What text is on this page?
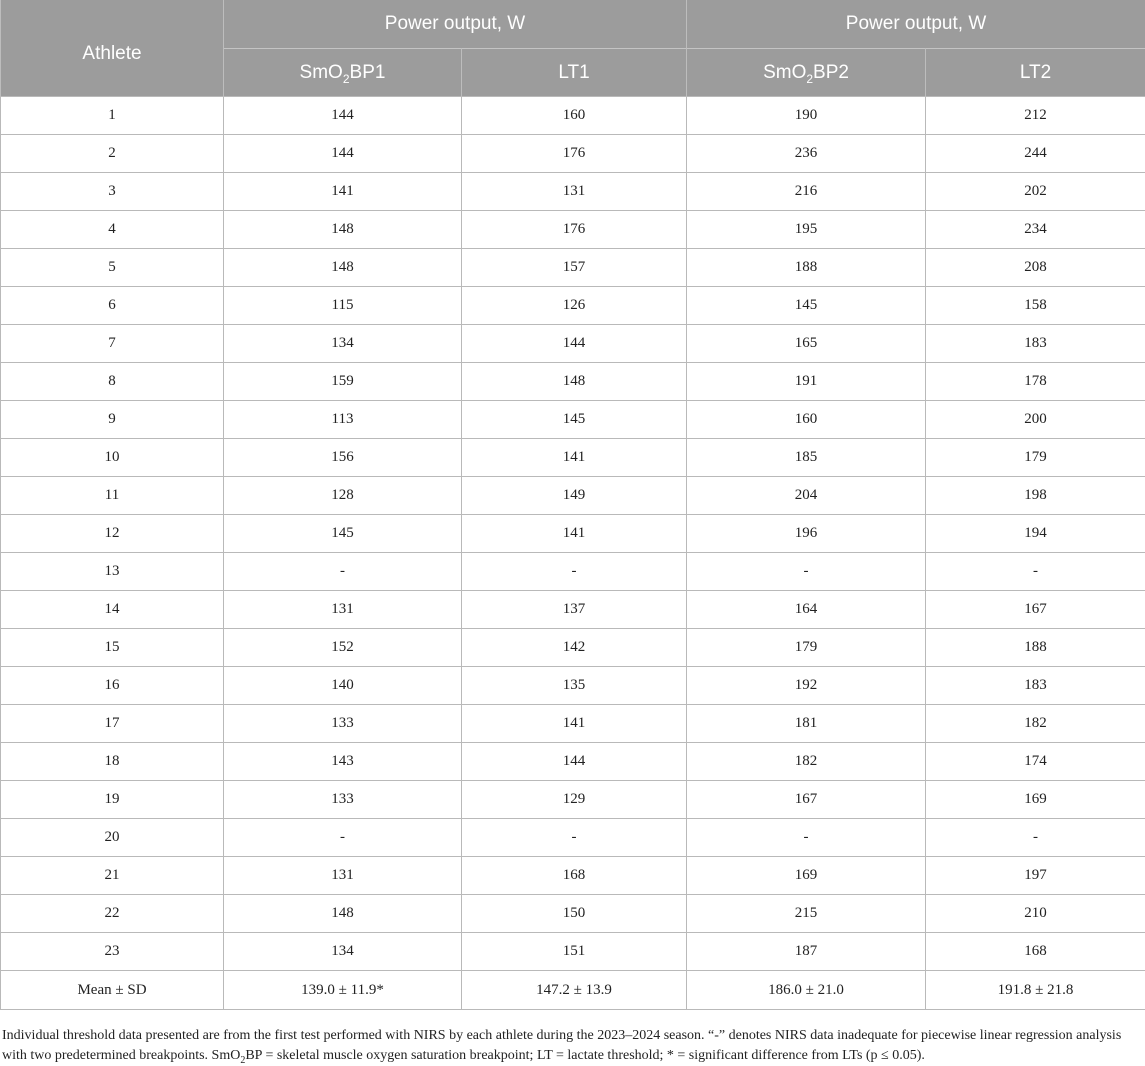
Athlete	Power output, W		Power output, W	
	SmO$_2$BP1	LT1	SmO$_2$BP2	LT2
1	144	160	190	212
2	144	176	236	244
3	141	131	216	202
4	148	176	195	234
5	148	157	188	208
6	115	126	145	158
7	134	144	165	183
8	159	148	191	178
9	113	145	160	200
10	156	141	185	179
11	128	149	204	198
12	145	141	196	194
13	-	-	-	-
14	131	137	164	167
15	152	142	179	188
16	140	135	192	183
17	133	141	181	182
18	143	144	182	174
19	133	129	167	169
20	-	-	-	-
21	131	168	169	197
22	148	150	215	210
23	134	151	187	168
Mean ± SD	139.0 ± 11.9*	147.2 ± 13.9	186.0 ± 21.0	191.8 ± 21.8
Individual threshold data presented are from the first test performed with NIRS by each athlete during the 2023–2024 season. “-” denotes NIRS data inadequate for piecewise linear regression analysis with two predetermined breakpoints. SmO$_2$BP = skeletal muscle oxygen saturation breakpoint; LT = lactate threshold; * = significant difference from LTs (p ≤ 0.05).
